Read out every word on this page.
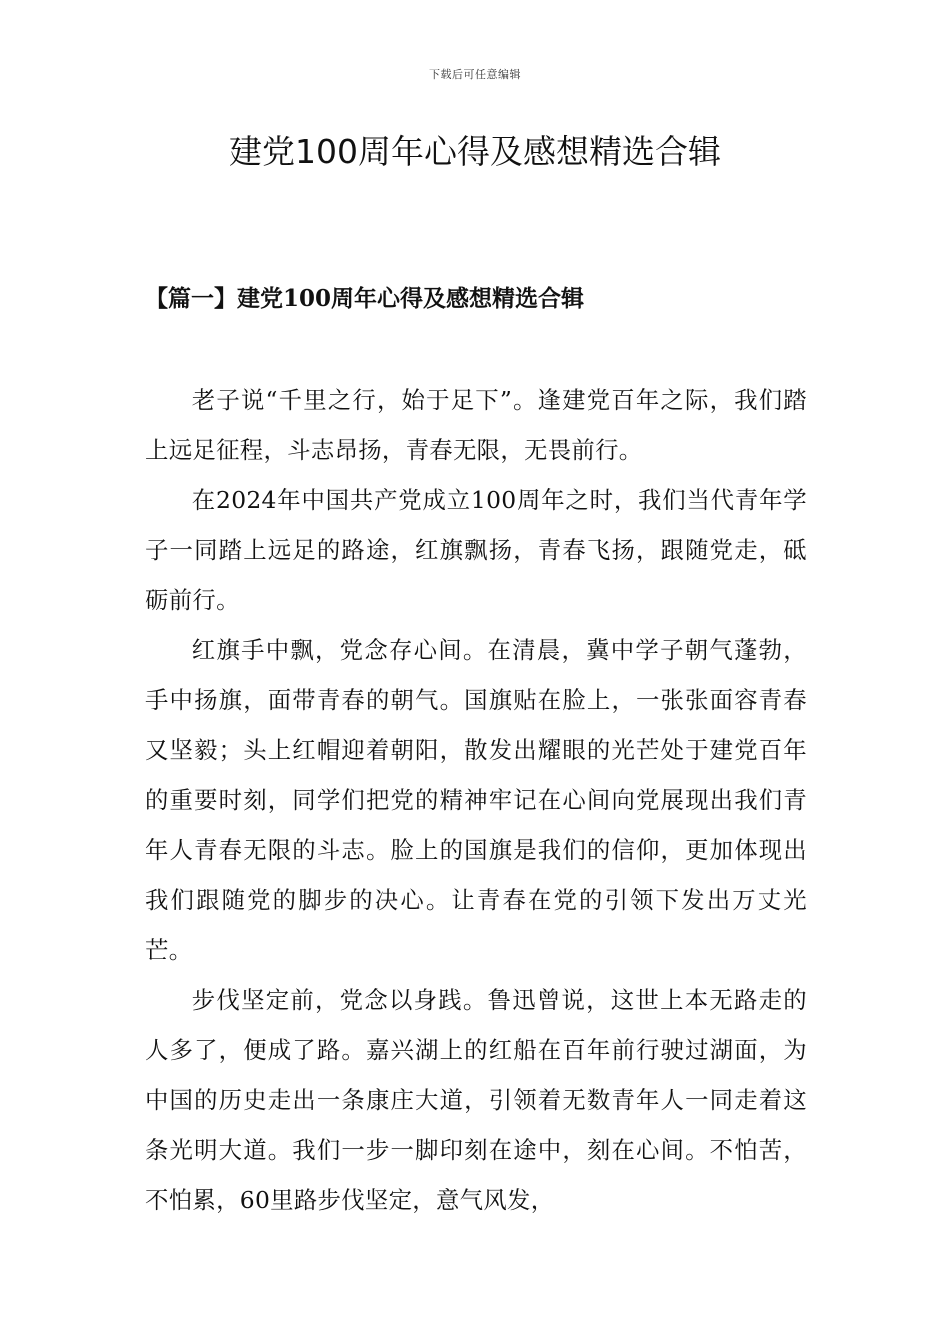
下载后可任意编辑
建党100周年心得及感想精选合辑
【篇一】建党100周年心得及感想精选合辑

老子说“千里之行，始于足下”。逢建党百年之际，我们踏上远足征程，斗志昂扬，青春无限，无畏前行。

在2024年中国共产党成立100周年之时，我们当代青年学子一同踏上远足的路途，红旗飘扬，青春飞扬，跟随党走，砥砺前行。

红旗手中飘，党念存心间。在清晨，冀中学子朝气蓬勃，手中扬旗，面带青春的朝气。国旗贴在脸上，一张张面容青春又坚毅；头上红帽迎着朝阳，散发出耀眼的光芒处于建党百年的重要时刻，同学们把党的精神牢记在心间向党展现出我们青年人青春无限的斗志。脸上的国旗是我们的信仰，更加体现出我们跟随党的脚步的决心。让青春在党的引领下发出万丈光芒。

步伐坚定前，党念以身践。鲁迅曾说，这世上本无路走的人多了，便成了路。嘉兴湖上的红船在百年前行驶过湖面，为中国的历史走出一条康庄大道，引领着无数青年人一同走着这条光明大道。我们一步一脚印刻在途中，刻在心间。不怕苦，不怕累，60里路步伐坚定，意气风发，
